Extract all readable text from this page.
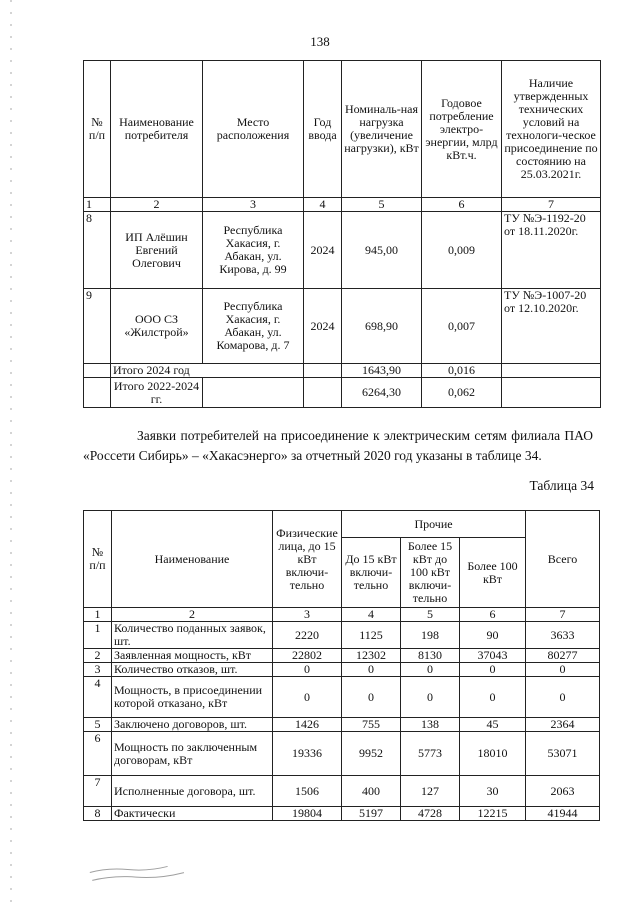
138
№ п/п	Наименование потребителя	Место расположения	Год ввода	Номиналь-ная нагрузка (увеличение нагрузки), кВт	Годовое потребление электро-энергии, млрд кВт.ч.	Наличие утвержденных технических условий на технологи-ческое присоединение по состоянию на 25.03.2021г.
1	2	3	4	5	6	7
8	ИП Алёшин Евгений Олегович	Республика Хакасия, г. Абакан, ул. Кирова, д. 99	2024	945,00	0,009	ТУ №Э-1192-20 от 18.11.2020г.
9	ООО СЗ «Жилстрой»	Республика Хакасия, г. Абакан, ул. Комарова, д. 7	2024	698,90	0,007	ТУ №Э-1007-20 от 12.10.2020г.
	Итого 2024 год			1643,90	0,016	
	Итого 2022-2024 гг.			6264,30	0,062	
Заявки потребителей на присоединение к электрическим сетям филиала ПАО «Россети Сибирь» – «Хакасэнерго» за отчетный 2020 год указаны в таблице 34.
Таблица 34
№ п/п	Наименование	Физические лица, до 15 кВт включи-тельно	Прочие			Всего
			До 15 кВт включи-тельно	Более 15 кВт до 100 кВт включи-тельно	Более 100 кВт	
1	2	3	4	5	6	7
1	Количество поданных заявок, шт.	2220	1125	198	90	3633
2	Заявленная мощность, кВт	22802	12302	8130	37043	80277
3	Количество отказов, шт.	0	0	0	0	0
4	Мощность, в присоединении которой отказано, кВт	0	0	0	0	0
5	Заключено договоров, шт.	1426	755	138	45	2364
6	Мощность по заключенным договорам, кВт	19336	9952	5773	18010	53071
7	Исполненные договора, шт.	1506	400	127	30	2063
8	Фактически	19804	5197	4728	12215	41944
